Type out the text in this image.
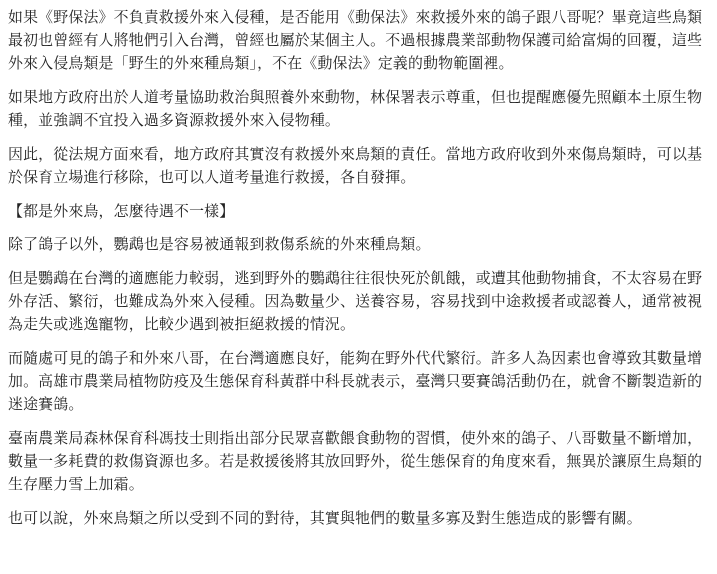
如果《野保法》不負責救援外來入侵種，是否能用《動保法》來救援外來的鴿子跟八哥呢？畢竟這些鳥類最初也曾經有人將牠們引入台灣，曾經也屬於某個主人。不過根據農業部動物保護司給富焗的回覆，這些外來入侵鳥類是「野生的外來種鳥類」，不在《動保法》定義的動物範圍裡。

如果地方政府出於人道考量協助救治與照養外來動物，林保署表示尊重，但也提醒應優先照顧本土原生物種，並強調不宜投入過多資源救援外來入侵物種。

因此，從法規方面來看，地方政府其實沒有救援外來鳥類的責任。當地方政府收到外來傷鳥類時，可以基於保育立場進行移除，也可以人道考量進行救援，各自發揮。

【都是外來鳥，怎麼待遇不一樣】

除了鴿子以外，鸚鵡也是容易被通報到救傷系統的外來種鳥類。

但是鸚鵡在台灣的適應能力較弱，逃到野外的鸚鵡往往很快死於飢餓，或遭其他動物捕食，不太容易在野外存活、繁衍，也難成為外來入侵種。因為數量少、送養容易，容易找到中途救援者或認養人，通常被視為走失或逃逸寵物，比較少遇到被拒絕救援的情況。

而隨處可見的鴿子和外來八哥，在台灣適應良好，能夠在野外代代繁衍。許多人為因素也會導致其數量增加。高雄市農業局植物防疫及生態保育科黃群中科長就表示，臺灣只要賽鴿活動仍在，就會不斷製造新的迷途賽鴿。

臺南農業局森林保育科馮技士則指出部分民眾喜歡餵食動物的習慣，使外來的鴿子、八哥數量不斷增加，數量一多耗費的救傷資源也多。若是救援後將其放回野外，從生態保育的角度來看，無異於讓原生鳥類的生存壓力雪上加霜。

也可以說，外來鳥類之所以受到不同的對待，其實與牠們的數量多寡及對生態造成的影響有關。
